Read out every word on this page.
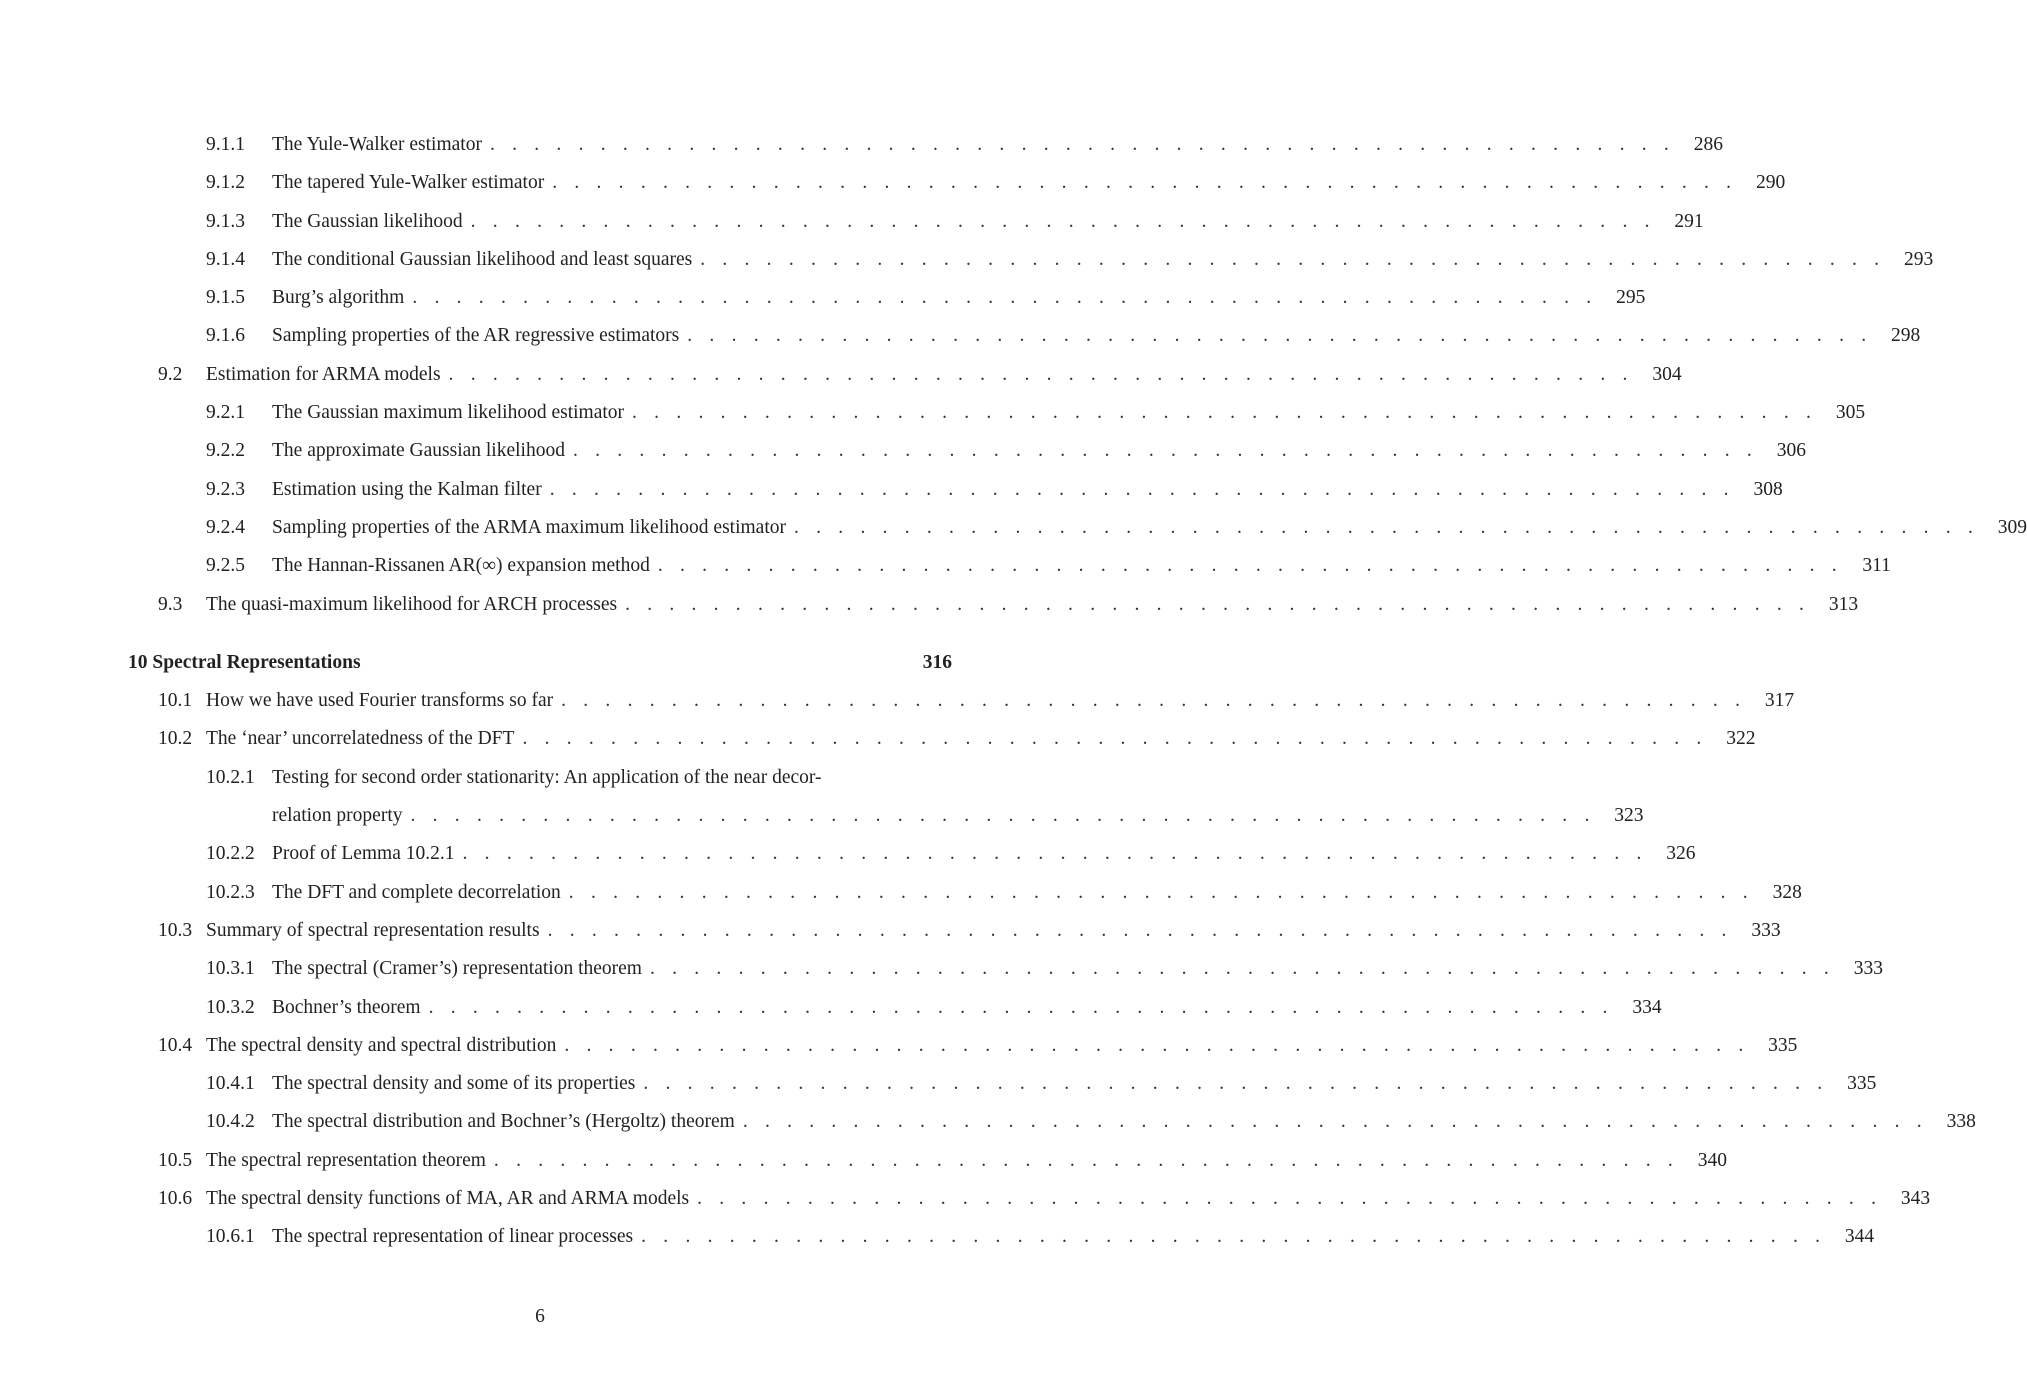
9.1.1 The Yule-Walker estimator . . . . . . . . . . . . . . . . . . . . . . . . . . . . . . . . . . . . . . . . . . . . . . . . . . . . . . 286
9.1.2 The tapered Yule-Walker estimator . . . . . . . . . . . . . . . . . . . . . . . . . . . . . . . . . . . . . . . . . . . . . . . . . . . . . . 290
9.1.3 The Gaussian likelihood . . . . . . . . . . . . . . . . . . . . . . . . . . . . . . . . . . . . . . . . . . . . . . . . . . . . . . 291
9.1.4 The conditional Gaussian likelihood and least squares . . . . . . . . . . . . . . . . . . . . . . . . . . . . . . . . . . . . . . . . . . . . . . . . . . . . . . 293
9.1.5 Burg’s algorithm . . . . . . . . . . . . . . . . . . . . . . . . . . . . . . . . . . . . . . . . . . . . . . . . . . . . . . 295
9.1.6 Sampling properties of the AR regressive estimators . . . . . . . . . . . . . . . . . . . . . . . . . . . . . . . . . . . . . . . . . . . . . . . . . . . . . . 298
9.2 Estimation for ARMA models . . . . . . . . . . . . . . . . . . . . . . . . . . . . . . . . . . . . . . . . . . . . . . . . . . . . . . 304
9.2.1 The Gaussian maximum likelihood estimator . . . . . . . . . . . . . . . . . . . . . . . . . . . . . . . . . . . . . . . . . . . . . . . . . . . . . . 305
9.2.2 The approximate Gaussian likelihood . . . . . . . . . . . . . . . . . . . . . . . . . . . . . . . . . . . . . . . . . . . . . . . . . . . . . . 306
9.2.3 Estimation using the Kalman filter . . . . . . . . . . . . . . . . . . . . . . . . . . . . . . . . . . . . . . . . . . . . . . . . . . . . . . 308
9.2.4 Sampling properties of the ARMA maximum likelihood estimator . . . . . . . . . . . . . . . . . . . . . . . . . . . . . . . . . . . . . . . . . . . . . . . . . . . . . . 309
9.2.5 The Hannan-Rissanen AR(∞) expansion method . . . . . . . . . . . . . . . . . . . . . . . . . . . . . . . . . . . . . . . . . . . . . . . . . . . . . . 311
9.3 The quasi-maximum likelihood for ARCH processes . . . . . . . . . . . . . . . . . . . . . . . . . . . . . . . . . . . . . . . . . . . . . . . . . . . . . . 313
10 Spectral Representations	316
10.1 How we have used Fourier transforms so far . . . . . . . . . . . . . . . . . . . . . . . . . . . . . . . . . . . . . . . . . . . . . . . . . . . . . . 317
10.2 The ‘near’ uncorrelatedness of the DFT . . . . . . . . . . . . . . . . . . . . . . . . . . . . . . . . . . . . . . . . . . . . . . . . . . . . . . 322
10.2.1 Testing for second order stationarity: An application of the near decor-
relation property . . . . . . . . . . . . . . . . . . . . . . . . . . . . . . . . . . . . . . . . . . . . . . . . . . . . . . 323
10.2.2 Proof of Lemma 10.2.1 . . . . . . . . . . . . . . . . . . . . . . . . . . . . . . . . . . . . . . . . . . . . . . . . . . . . . . 326
10.2.3 The DFT and complete decorrelation . . . . . . . . . . . . . . . . . . . . . . . . . . . . . . . . . . . . . . . . . . . . . . . . . . . . . . 328
10.3 Summary of spectral representation results . . . . . . . . . . . . . . . . . . . . . . . . . . . . . . . . . . . . . . . . . . . . . . . . . . . . . . 333
10.3.1 The spectral (Cramer’s) representation theorem . . . . . . . . . . . . . . . . . . . . . . . . . . . . . . . . . . . . . . . . . . . . . . . . . . . . . . 333
10.3.2 Bochner’s theorem . . . . . . . . . . . . . . . . . . . . . . . . . . . . . . . . . . . . . . . . . . . . . . . . . . . . . . 334
10.4 The spectral density and spectral distribution . . . . . . . . . . . . . . . . . . . . . . . . . . . . . . . . . . . . . . . . . . . . . . . . . . . . . . 335
10.4.1 The spectral density and some of its properties . . . . . . . . . . . . . . . . . . . . . . . . . . . . . . . . . . . . . . . . . . . . . . . . . . . . . . 335
10.4.2 The spectral distribution and Bochner’s (Hergoltz) theorem . . . . . . . . . . . . . . . . . . . . . . . . . . . . . . . . . . . . . . . . . . . . . . . . . . . . . . 338
10.5 The spectral representation theorem . . . . . . . . . . . . . . . . . . . . . . . . . . . . . . . . . . . . . . . . . . . . . . . . . . . . . . 340
10.6 The spectral density functions of MA, AR and ARMA models . . . . . . . . . . . . . . . . . . . . . . . . . . . . . . . . . . . . . . . . . . . . . . . . . . . . . . 343
10.6.1 The spectral representation of linear processes . . . . . . . . . . . . . . . . . . . . . . . . . . . . . . . . . . . . . . . . . . . . . . . . . . . . . . 344
6
